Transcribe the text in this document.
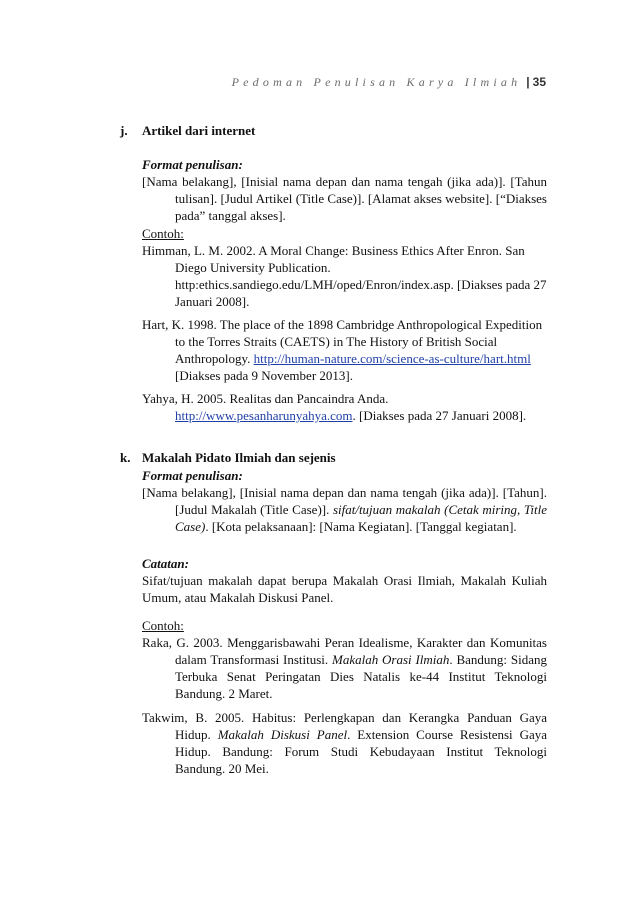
Pedoman Penulisan Karya Ilmiah | 35
j. Artikel dari internet
Format penulisan:
[Nama belakang], [Inisial nama depan dan nama tengah (jika ada)]. [Tahun tulisan]. [Judul Artikel (Title Case)]. [Alamat akses website]. [“Diakses pada” tanggal akses].
Contoh:
Himman, L. M. 2002. A Moral Change: Business Ethics After Enron. San Diego University Publication. http:ethics.sandiego.edu/LMH/oped/Enron/index.asp. [Diakses pada 27 Januari 2008].
Hart, K. 1998. The place of the 1898 Cambridge Anthropological Expedition to the Torres Straits (CAETS) in The History of British Social Anthropology. http://human-nature.com/science-as-culture/hart.html [Diakses pada 9 November 2013].
Yahya, H. 2005. Realitas dan Pancaindra Anda. http://www.pesanharunyahya.com. [Diakses pada 27 Januari 2008].
k. Makalah Pidato Ilmiah dan sejenis
Format penulisan:
[Nama belakang], [Inisial nama depan dan nama tengah (jika ada)]. [Tahun]. [Judul Makalah (Title Case)]. sifat/tujuan makalah (Cetak miring, Title Case). [Kota pelaksanaan]: [Nama Kegiatan]. [Tanggal kegiatan].
Catatan:
Sifat/tujuan makalah dapat berupa Makalah Orasi Ilmiah, Makalah Kuliah Umum, atau Makalah Diskusi Panel.
Contoh:
Raka, G. 2003. Menggarisbawahi Peran Idealisme, Karakter dan Komunitas dalam Transformasi Institusi. Makalah Orasi Ilmiah. Bandung: Sidang Terbuka Senat Peringatan Dies Natalis ke-44 Institut Teknologi Bandung. 2 Maret.
Takwim, B. 2005. Habitus: Perlengkapan dan Kerangka Panduan Gaya Hidup. Makalah Diskusi Panel. Extension Course Resistensi Gaya Hidup. Bandung: Forum Studi Kebudayaan Institut Teknologi Bandung. 20 Mei.
